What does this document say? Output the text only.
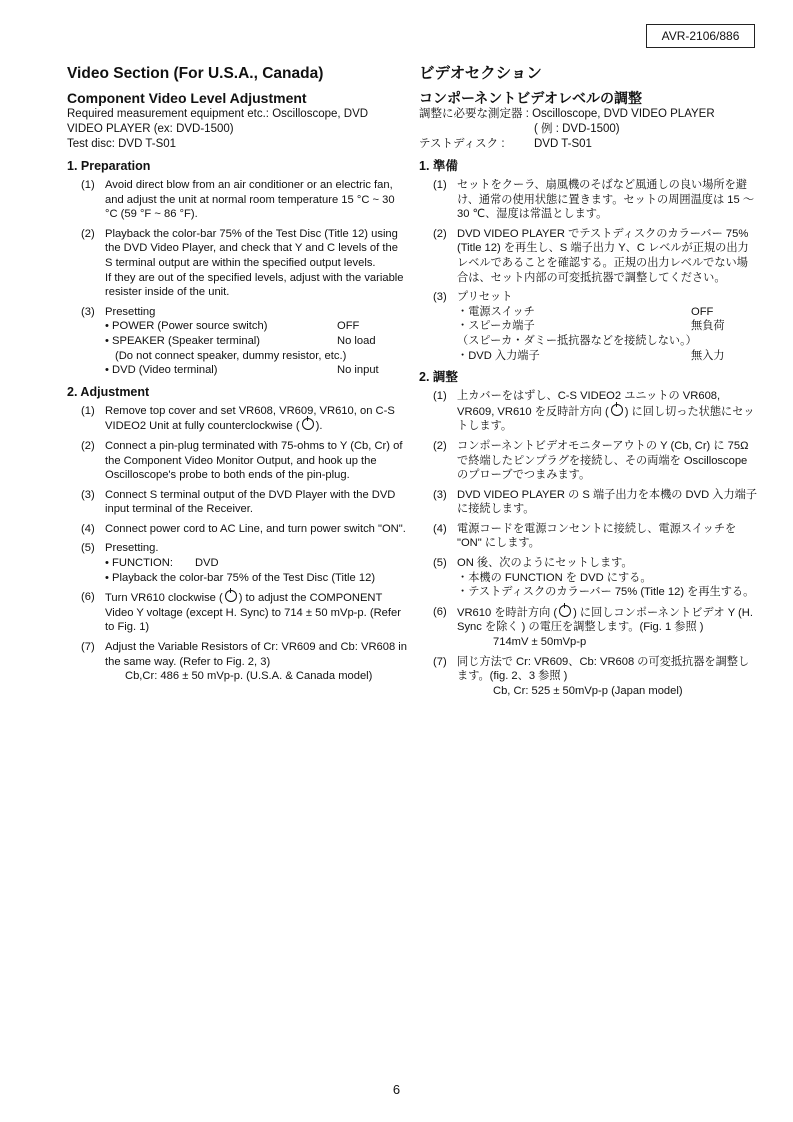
AVR-2106/886
Video Section (For U.S.A., Canada)
Component Video Level Adjustment
Required measurement equipment etc.: Oscilloscope, DVD
VIDEO PLAYER (ex: DVD-1500)
Test disc: DVD T-S01
1. Preparation
(1) Avoid direct blow from an air conditioner or an electric fan, and adjust the unit at normal room temperature 15 °C ~ 30 °C (59 °F ~ 86 °F).
(2) Playback the color-bar 75% of the Test Disc (Title 12) using the DVD Video Player, and check that Y and C levels of the S terminal output are within the specified output levels.
If they are out of the specified levels, adjust with the variable resister inside of the unit.
(3) Presetting
• POWER (Power source switch)	OFF
• SPEAKER (Speaker terminal)	No load
(Do not connect speaker, dummy resistor, etc.)
• DVD (Video terminal)	No input
2. Adjustment
(1) Remove top cover and set VR608, VR609, VR610, on C-S VIDEO2 Unit at fully counterclockwise ( ).
(2) Connect a pin-plug terminated with 75-ohms to Y (Cb, Cr) of the Component Video Monitor Output, and hook up the Oscilloscope's probe to both ends of the pin-plug.
(3) Connect S terminal output of the DVD Player with the DVD input terminal of the Receiver.
(4) Connect power cord to AC Line, and turn power switch "ON".
(5) Presetting.
• FUNCTION: DVD
• Playback the color-bar 75% of the Test Disc (Title 12)
(6) Turn VR610 clockwise ( ) to adjust the COMPONENT Video Y voltage (except H. Sync) to 714 ± 50 mVp-p. (Refer to Fig. 1)
(7) Adjust the Variable Resistors of Cr: VR609 and Cb: VR608 in the same way. (Refer to Fig. 2, 3)
Cb,Cr: 486 ± 50 mVp-p. (U.S.A. & Canada model)
ビデオセクション
コンポーネントビデオレベルの調整
調整に必要な測定器 : Oscilloscope, DVD VIDEO PLAYER
( 例 : DVD-1500)
テストディスク :	DVD T-S01
1. 準備
(1) セットをクーラ、扇風機のそばなど風通しの良い場所を避け、通常の使用状態に置きます。セットの周囲温度は 15 ～ 30 ℃、湿度は常温とします。
(2) DVD VIDEO PLAYER でテストディスクのカラーバー 75% (Title 12) を再生し、S 端子出力 Y、C レベルが正規の出力レベルであることを確認する。正規の出力レベルでない場合は、セット内部の可変抵抗器で調整してください。
(3) プリセット
・電源スイッチ	OFF
・スピーカ端子	無負荷
（スピーカ・ダミー抵抗器などを接続しない。）
・DVD 入力端子	無入力
2. 調整
(1) 上カバーをはずし、C-S VIDEO2 ユニットの VR608, VR609, VR610 を反時計方向 ( ) に回し切った状態にセットします。
(2) コンポーネントビデオモニターアウトの Y (Cb, Cr) に 75Ω で終端したピンプラグを接続し、その両端を Oscilloscope のプローブでつまみます。
(3) DVD VIDEO PLAYER の S 端子出力を本機の DVD 入力端子に接続します。
(4) 電源コードを電源コンセントに接続し、電源スイッチを "ON" にします。
(5) ON 後、次のようにセットします。
・本機の FUNCTION を DVD にする。
・テストディスクのカラーバー 75% (Title 12) を再生する。
(6) VR610 を時計方向 ( ) に回しコンポーネントビデオ Y (H. Sync を除く ) の電圧を調整します。(Fig. 1 参照 )
714mV ± 50mVp-p
(7) 同じ方法で Cr: VR609、Cb: VR608 の可変抵抗器を調整します。(fig. 2、3 参照 )
Cb, Cr: 525 ± 50mVp-p (Japan model)
6
